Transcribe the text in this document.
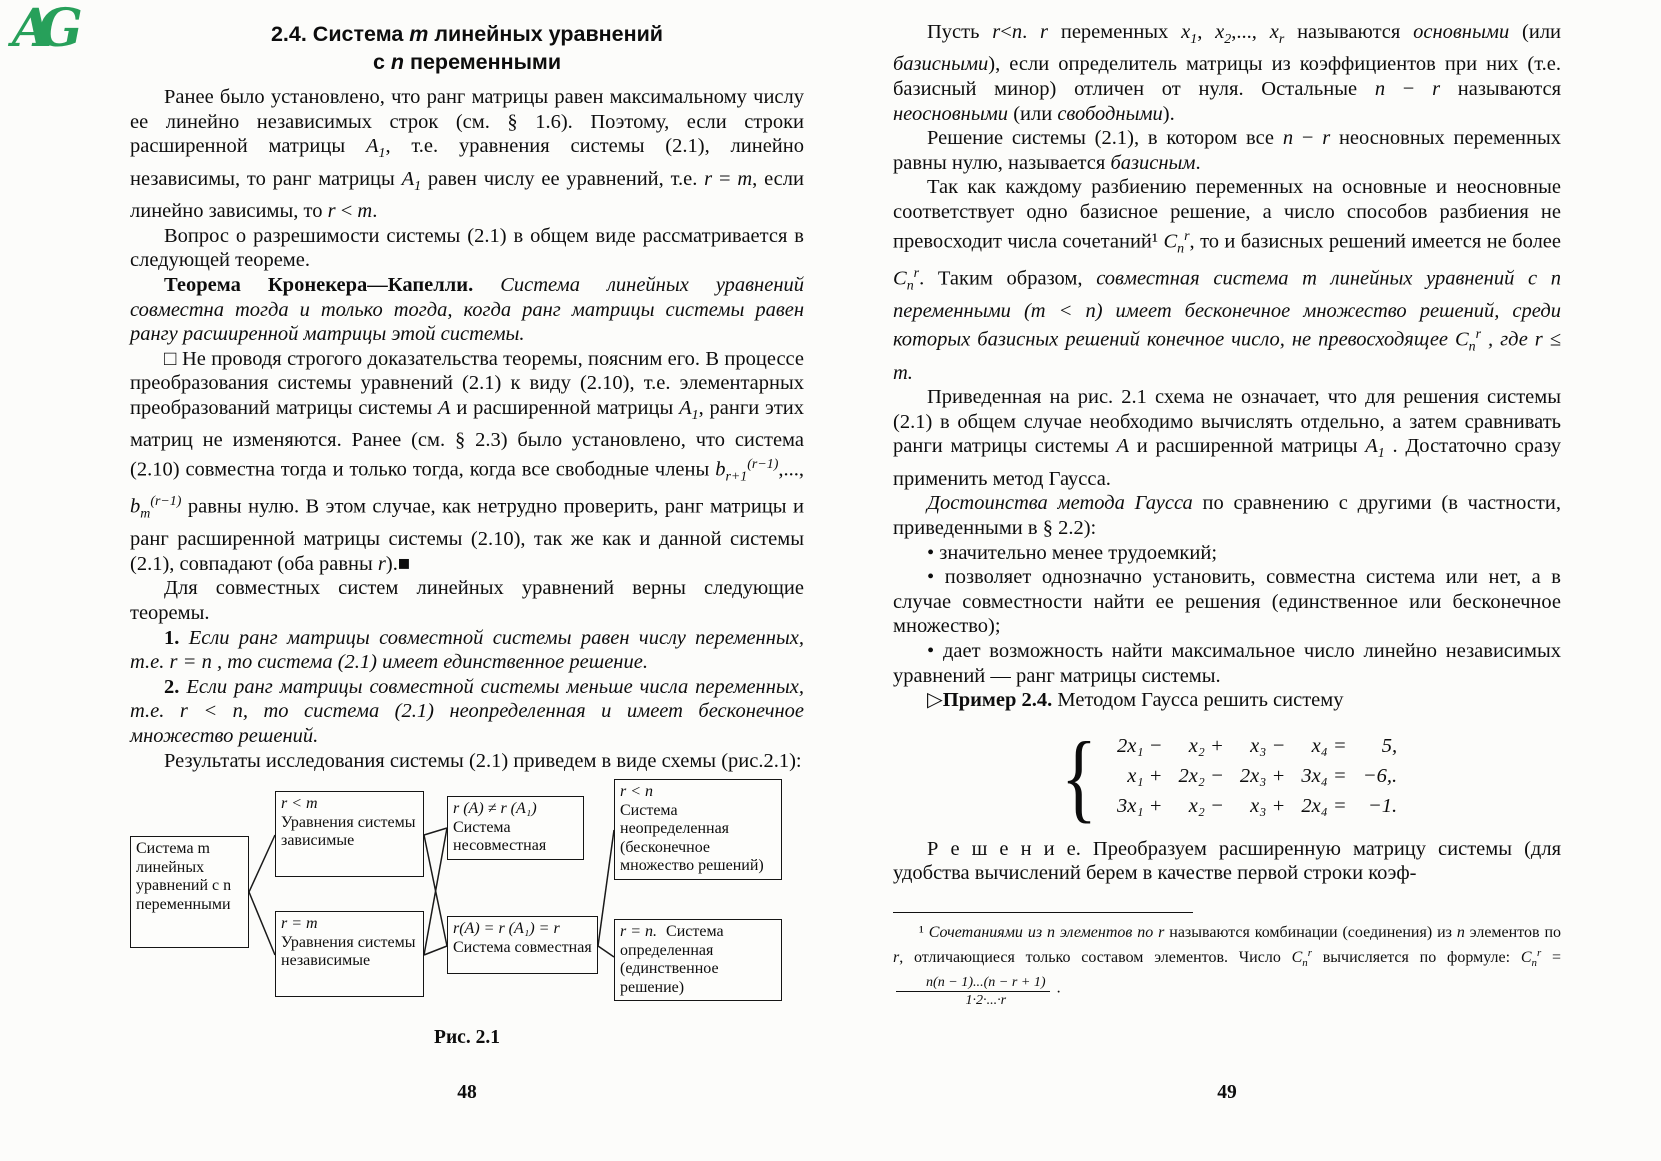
AG	2.4. Система m линейных уравнений

с n переменными

Ранее было установлено, что ранг матрицы равен максимальному числу ее линейно независимых строк (см. § 1.6). Поэтому, если строки расширенной матрицы $A_1$, т.е. уравнения системы (2.1), линейно независимы, то ранг матрицы $A_1$ равен числу ее уравнений, т.е. r = m, если линейно зависимы, то r < m.

Вопрос о разрешимости системы (2.1) в общем виде рассматривается в следующей теореме.

Теорема Кронекера—Капелли. Система линейных уравнений совместна тогда и только тогда, когда ранг матрицы системы равен рангу расширенной матрицы этой системы.

□ Не проводя строгого доказательства теоремы, поясним его. В процессе преобразования системы уравнений (2.1) к виду (2.10), т.е. элементарных преобразований матрицы системы A и расширенной матрицы $A_1$, ранги этих матриц не изменяются. Ранее (см. § 2.3) было установлено, что система (2.10) совместна тогда и только тогда, когда все свободные члены $b_{r+1}^{(r-1)}$,..., $b_m^{(r-1)}$ равны нулю. В этом случае, как нетрудно проверить, ранг матрицы и ранг расширенной матрицы системы (2.10), так же как и данной системы (2.1), совпадают (оба равны r).■

Для совместных систем линейных уравнений верны следующие теоремы.

1. Если ранг матрицы совместной системы равен числу переменных, т.е. r = n , то система (2.1) имеет единственное решение.

2. Если ранг матрицы совместной системы меньше числа переменных, т.е. r < n, то система (2.1) неопределенная и имеет бесконечное множество решений.

Результаты исследования системы (2.1) приведем в виде схемы (рис.2.1):

Система m линейных уравнений с n переменными
r < m
Уравнения системы зависимые
r = m
Уравнения системы независимые
r (A) ≠ r (A₁)
Система несовместная
r(A) = r (A₁) = r
Система совместная
r < n
Система неопределенная (бесконечное множество решений)
r = n. Система определенная (единственное решение)

Рис. 2.1

Пусть r<n. r переменных $x_1$, $x_2$,..., $x_r$ называются основными (или базисными), если определитель матрицы из коэффициентов при них (т.е. базисный минор) отличен от нуля. Остальные n − r называются неосновными (или свободными).

Решение системы (2.1), в котором все n − r неосновных переменных равны нулю, называется базисным.

Так как каждому разбиению переменных на основные и неосновные соответствует одно базисное решение, а число способов разбиения не превосходит числа сочетаний¹ $C_n^r$, то и базисных решений имеется не более $C_n^r$. Таким образом, совместная система m линейных уравнений с n переменными (m < n) имеет бесконечное множество решений, среди которых базисных решений конечное число, не превосходящее $C_n^r$ , где r ≤ m.

Приведенная на рис. 2.1 схема не означает, что для решения системы (2.1) в общем случае необходимо вычислять отдельно, а затем сравнивать ранги матрицы системы A и расширенной матрицы $A_1$ . Достаточно сразу применить метод Гаусса.

Достоинства метода Гаусса по сравнению с другими (в частности, приведенными в § 2.2):

• значительно менее трудоемкий;

• позволяет однозначно установить, совместна система или нет, а в случае совместности найти ее решения (единственное или бесконечное множество);

• дает возможность найти максимальное число линейно независимых уравнений — ранг матрицы системы.

▷Пример 2.4. Методом Гаусса решить систему

{ 2x₁ −	x₂ +	x₃ −	x₄ =	5,
x₁ + 2x₂ − 2x₃ + 3x₄ = −6,.
3x₁ +	x₂ −	x₃ + 2x₄ = −1.

Р е ш е н и е. Преобразуем расширенную матрицу системы (для удобства вычислений берем в качестве первой строки коэф-

¹ Сочетаниями из n элементов по r называются комбинации (соединения) из n элементов по r, отличающиеся только составом элементов. Число $C_n^r$ вычисляется по формуле: $C_n^r$ =
$\frac{n(n - 1)...(n - r + 1)}{1\cdot 2\cdot...\cdot r}$ .

48	49
